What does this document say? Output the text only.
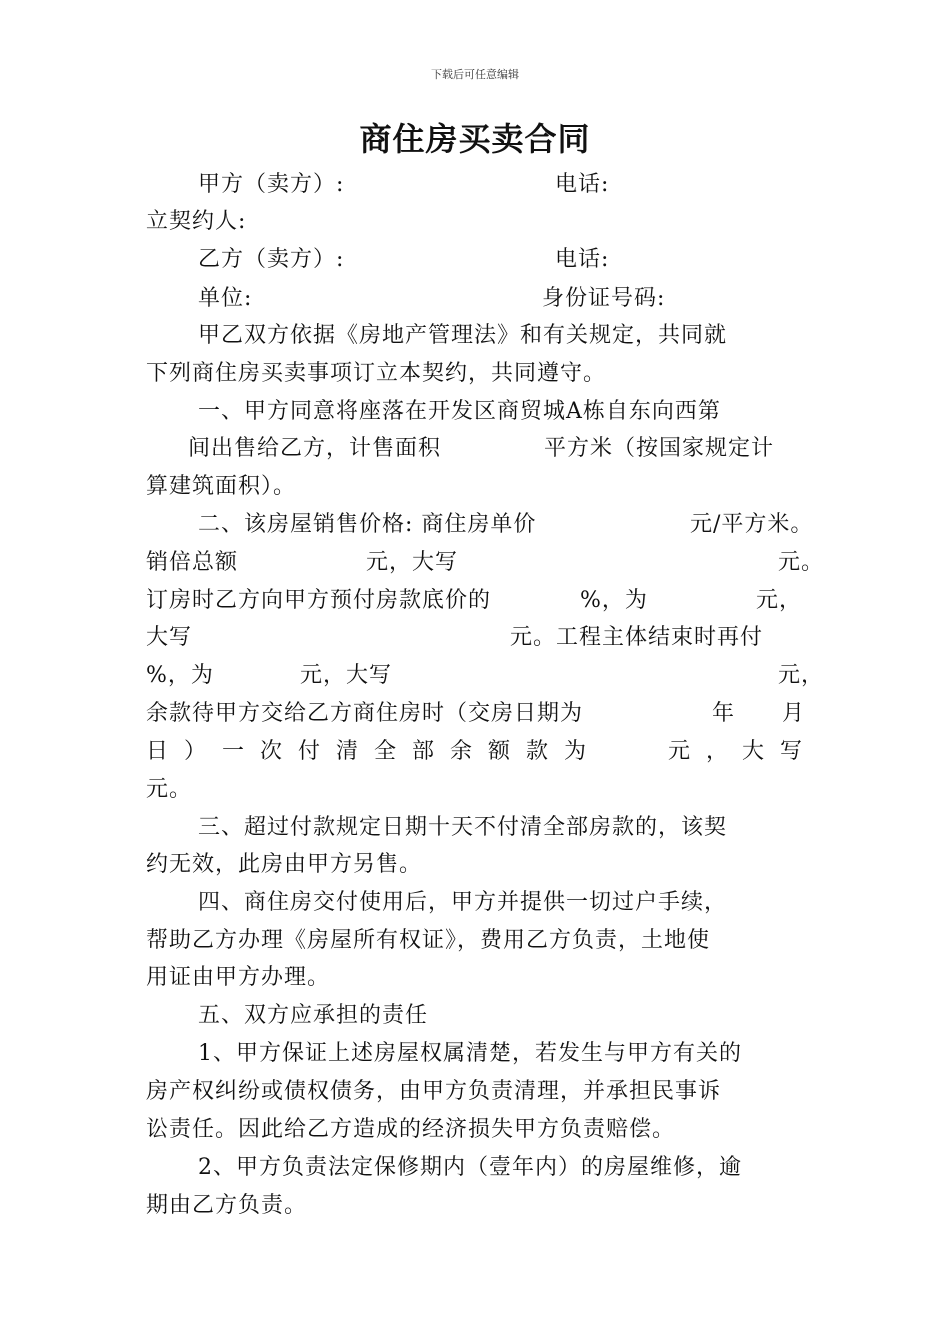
下载后可任意编辑
商住房买卖合同
甲方（卖方）:	电话:
立契约人:
乙方（卖方）:	电话:
单位:	身份证号码:
甲乙双方依据《房地产管理法》和有关规定，共同就
下列商住房买卖事项订立本契约，共同遵守。
一、甲方同意将座落在开发区商贸城A栋自东向西第
间出售给乙方，计售面积	平方米（按国家规定计
算建筑面积）。
二、该房屋销售价格: 商住房单价	元/平方米。
销倍总额	元，大写	元。
订房时乙方向甲方预付房款底价的	%，为	元，
大写	元。工程主体结束时再付
%，为	元，大写	元，
余款待甲方交给乙方商住房时（交房日期为	年 月
日）一次付清全部余额款为	元，
大写
元。
三、超过付款规定日期十天不付清全部房款的，该契
约无效，此房由甲方另售。
四、商住房交付使用后，甲方并提供一切过户手续，
帮助乙方办理《房屋所有权证》，费用乙方负责，土地使
用证由甲方办理。
五、双方应承担的责任
1、甲方保证上述房屋权属清楚，若发生与甲方有关的
房产权纠纷或债权债务，由甲方负责清理，并承担民事诉
讼责任。因此给乙方造成的经济损失甲方负责赔偿。
2、甲方负责法定保修期内（壹年内）的房屋维修，逾
期由乙方负责。
